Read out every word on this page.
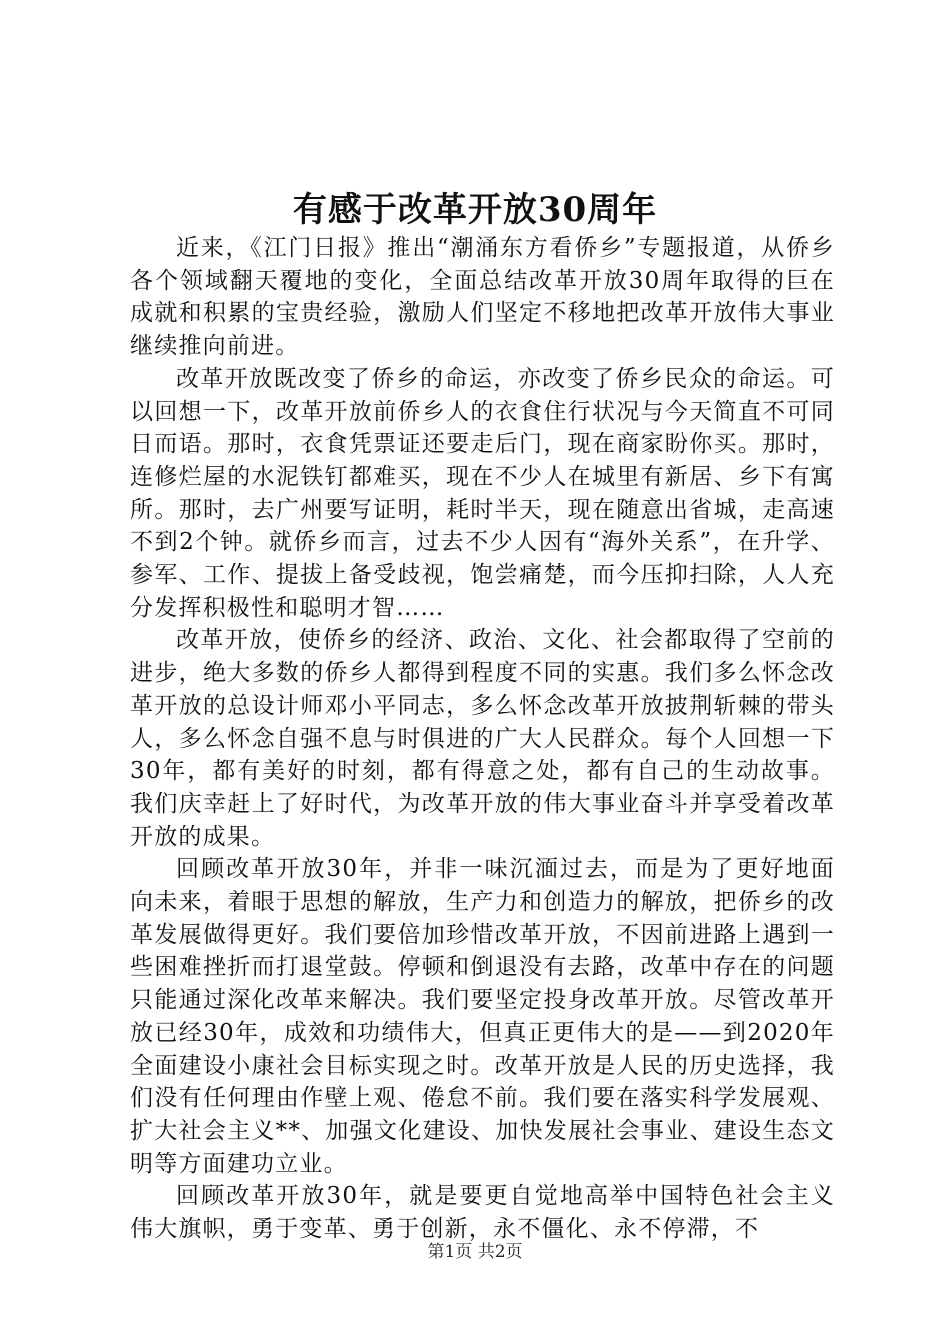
有感于改革开放30周年

近来，《江门日报》推出“潮涌东方看侨乡”专题报道，从侨乡各个领域翻天覆地的变化，全面总结改革开放30周年取得的巨在成就和积累的宝贵经验，激励人们坚定不移地把改革开放伟大事业继续推向前进。

改革开放既改变了侨乡的命运，亦改变了侨乡民众的命运。可以回想一下，改革开放前侨乡人的衣食住行状况与今天简直不可同日而语。那时，衣食凭票证还要走后门，现在商家盼你买。那时，连修烂屋的水泥铁钉都难买，现在不少人在城里有新居、乡下有寓所。那时，去广州要写证明，耗时半天，现在随意出省城，走高速不到2个钟。就侨乡而言，过去不少人因有“海外关系”，在升学、参军、工作、提拔上备受歧视，饱尝痛楚，而今压抑扫除，人人充分发挥积极性和聪明才智……

改革开放，使侨乡的经济、政治、文化、社会都取得了空前的进步，绝大多数的侨乡人都得到程度不同的实惠。我们多么怀念改革开放的总设计师邓小平同志，多么怀念改革开放披荆斩棘的带头人，多么怀念自强不息与时俱进的广大人民群众。每个人回想一下30年，都有美好的时刻，都有得意之处，都有自己的生动故事。我们庆幸赶上了好时代，为改革开放的伟大事业奋斗并享受着改革开放的成果。

回顾改革开放30年，并非一味沉湎过去，而是为了更好地面向未来，着眼于思想的解放，生产力和创造力的解放，把侨乡的改革发展做得更好。我们要倍加珍惜改革开放，不因前进路上遇到一些困难挫折而打退堂鼓。停顿和倒退没有去路，改革中存在的问题只能通过深化改革来解决。我们要坚定投身改革开放。尽管改革开放已经30年，成效和功绩伟大，但真正更伟大的是——到2020年全面建设小康社会目标实现之时。改革开放是人民的历史选择，我们没有任何理由作壁上观、倦怠不前。我们要在落实科学发展观、扩大社会主义**、加强文化建设、加快发展社会事业、建设生态文明等方面建功立业。

回顾改革开放30年，就是要更自觉地高举中国特色社会主义伟大旗帜，勇于变革、勇于创新，永不僵化、永不停滞，不

第1页 共2页
